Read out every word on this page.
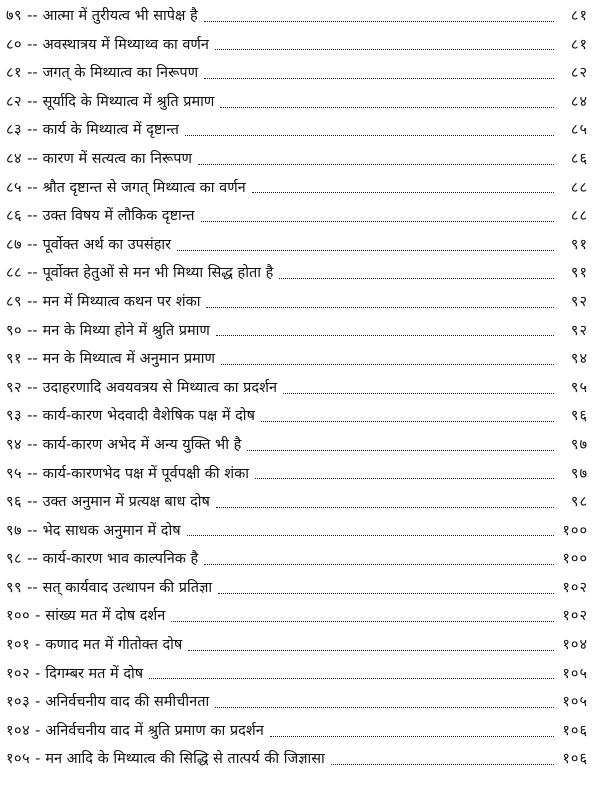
७९ -- आत्मा में तुरीयत्व भी सापेक्ष है	८१
८० -- अवस्थात्रय में मिथ्याथ्व का वर्णन	८१
८१ -- जगत् के मिथ्यात्व का निरूपण	८२
८२ -- सूर्यादि के मिथ्यात्व में श्रुति प्रमाण	८४
८३ -- कार्य के मिथ्यात्व में दृष्टान्त	८५
८४ -- कारण में सत्यत्व का निरूपण	८६
८५ -- श्रौत दृष्टान्त से जगत् मिथ्यात्व का वर्णन	८८
८६ -- उक्त विषय में लौकिक दृष्टान्त	८८
८७ -- पूर्वोक्त अर्थ का उपसंहार	९१
८८ -- पूर्वोक्त हेतुओं से मन भी मिथ्या सिद्ध होता है	९१
८९ -- मन में मिथ्यात्व कथन पर शंका	९२
९० -- मन के मिथ्या होने में श्रुति प्रमाण	९२
९१ -- मन के मिथ्यात्व में अनुमान प्रमाण	९४
९२ -- उदाहरणादि अवयवत्रय से मिथ्यात्व का प्रदर्शन	९५
९३ -- कार्य-कारण भेदवादी वैशेषिक पक्ष में दोष	९६
९४ -- कार्य-कारण अभेद में अन्य युक्ति भी है	९७
९५ -- कार्य-कारणभेद पक्ष में पूर्वपक्षी की शंका	९७
९६ -- उक्त अनुमान में प्रत्यक्ष बाध दोष	९८
९७ -- भेद साधक अनुमान में दोष	१००
९८ -- कार्य-कारण भाव काल्पनिक है	१००
९९ -- सत् कार्यवाद उत्थापन की प्रतिज्ञा	१०२
१०० - सांख्य मत में दोष दर्शन	१०२
१०१ - कणाद मत में गीतोक्त दोष	१०४
१०२ - दिगम्बर मत में दोष	१०५
१०३ - अनिर्वचनीय वाद की समीचीनता	१०५
१०४ - अनिर्वचनीय वाद में श्रुति प्रमाण का प्रदर्शन	१०६
१०५ - मन आदि के मिथ्यात्व की सिद्धि से तात्पर्य की जिज्ञासा	१०६
